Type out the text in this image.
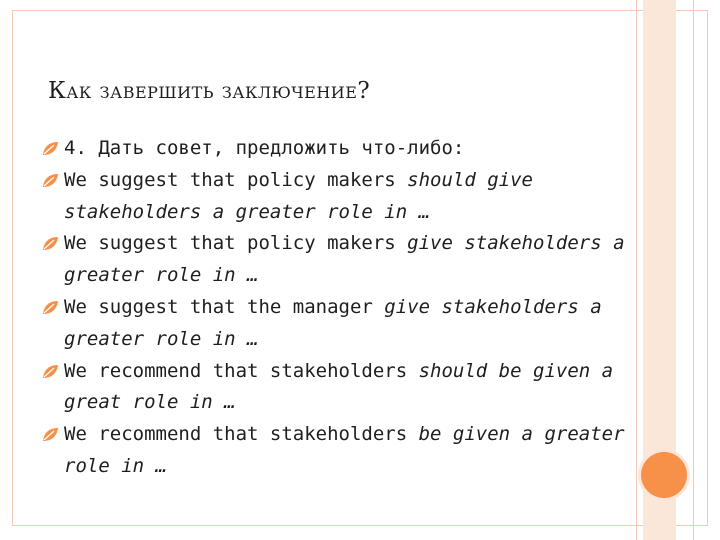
Как завершить заключение?
4. Дать совет, предложить что-либо:
We suggest that policy makers should give stakeholders a greater role in …
We suggest that policy makers give stakeholders a greater role in …
We suggest that the manager give stakeholders a greater role in …
We recommend that stakeholders should be given a great role in …
We recommend that stakeholders be given a greater role in …
